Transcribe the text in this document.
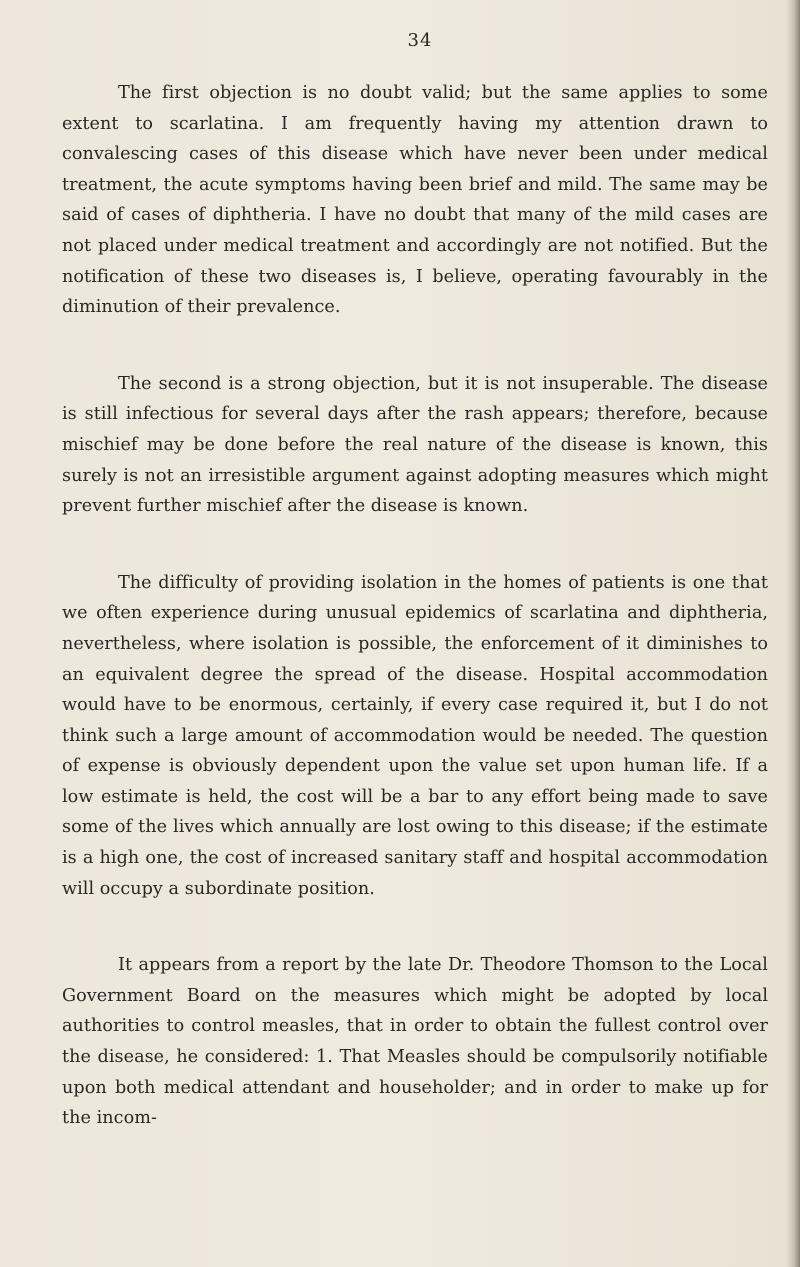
34

The first objection is no doubt valid; but the same applies to some extent to scarlatina. I am frequently having my attention drawn to convalescing cases of this disease which have never been under medical treatment, the acute symptoms having been brief and mild. The same may be said of cases of diphtheria. I have no doubt that many of the mild cases are not placed under medical treatment and accordingly are not notified. But the notification of these two diseases is, I believe, operating favourably in the diminution of their prevalence.

The second is a strong objection, but it is not insuperable. The disease is still infectious for several days after the rash appears; therefore, because mischief may be done before the real nature of the disease is known, this surely is not an irresistible argument against adopting measures which might prevent further mischief after the disease is known.

The difficulty of providing isolation in the homes of patients is one that we often experience during unusual epidemics of scarlatina and diphtheria, nevertheless, where isolation is possible, the enforcement of it diminishes to an equivalent degree the spread of the disease. Hospital accommodation would have to be enormous, certainly, if every case required it, but I do not think such a large amount of accommodation would be needed. The question of expense is obviously dependent upon the value set upon human life. If a low estimate is held, the cost will be a bar to any effort being made to save some of the lives which annually are lost owing to this disease; if the estimate is a high one, the cost of increased sanitary staff and hospital accommodation will occupy a subordinate position.

It appears from a report by the late Dr. Theodore Thomson to the Local Government Board on the measures which might be adopted by local authorities to control measles, that in order to obtain the fullest control over the disease, he considered: 1. That Measles should be compulsorily notifiable upon both medical attendant and householder; and in order to make up for the incom-
